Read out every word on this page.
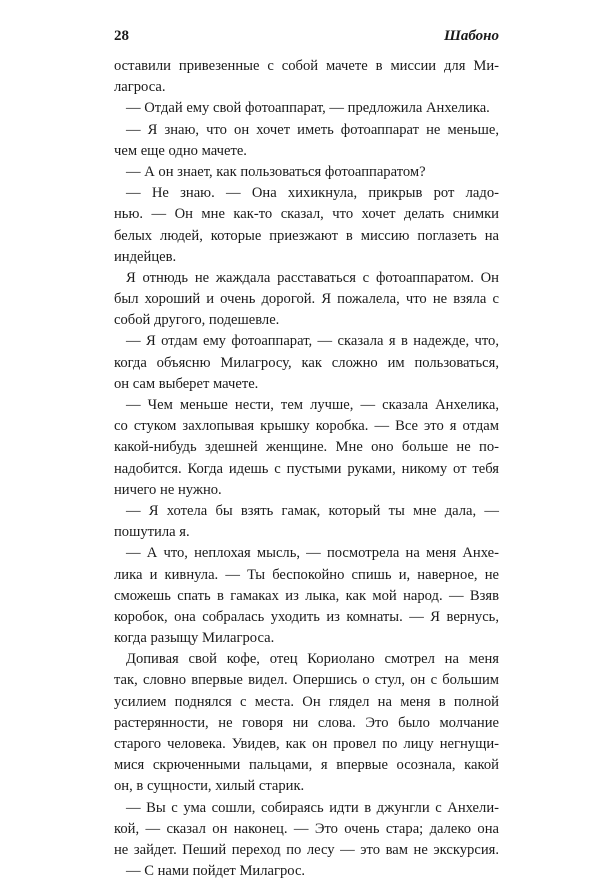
28	Шабоно
оставили привезенные с собой мачете в миссии для Ми-
лагроса.
— Отдай ему свой фотоаппарат, — предложила Анхелика.
— Я знаю, что он хочет иметь фотоаппарат не меньше,
чем еще одно мачете.
— А он знает, как пользоваться фотоаппаратом?
— Не знаю. — Она хихикнула, прикрыв рот ладо-
нью. — Он мне как-то сказал, что хочет делать снимки
белых людей, которые приезжают в миссию поглазеть на
индейцев.
Я отнюдь не жаждала расставаться с фотоаппаратом. Он
был хороший и очень дорогой. Я пожалела, что не взяла с
собой другого, подешевле.
— Я отдам ему фотоаппарат, — сказала я в надежде, что,
когда объясню Милагросу, как сложно им пользоваться,
он сам выберет мачете.
— Чем меньше нести, тем лучше, — сказала Анхелика,
со стуком захлопывая крышку коробка. — Все это я отдам
какой-нибудь здешней женщине. Мне оно больше не по-
надобится. Когда идешь с пустыми руками, никому от тебя
ничего не нужно.
— Я хотела бы взять гамак, который ты мне дала, —
пошутила я.
— А что, неплохая мысль, — посмотрела на меня Анхе-
лика и кивнула. — Ты беспокойно спишь и, наверное, не
сможешь спать в гамаках из лыка, как мой народ. — Взяв
коробок, она собралась уходить из комнаты. — Я вернусь,
когда разыщу Милагроса.
Допивая свой кофе, отец Кориолано смотрел на меня
так, словно впервые видел. Опершись о стул, он с большим
усилием поднялся с места. Он глядел на меня в полной
растерянности, не говоря ни слова. Это было молчание
старого человека. Увидев, как он провел по лицу негнущи-
мися скрюченными пальцами, я впервые осознала, какой
он, в сущности, хилый старик.
— Вы с ума сошли, собираясь идти в джунгли с Анхели-
кой, — сказал он наконец. — Это очень стара; далеко она
не зайдет. Пеший переход по лесу — это вам не экскурсия.
— С нами пойдет Милагрос.
